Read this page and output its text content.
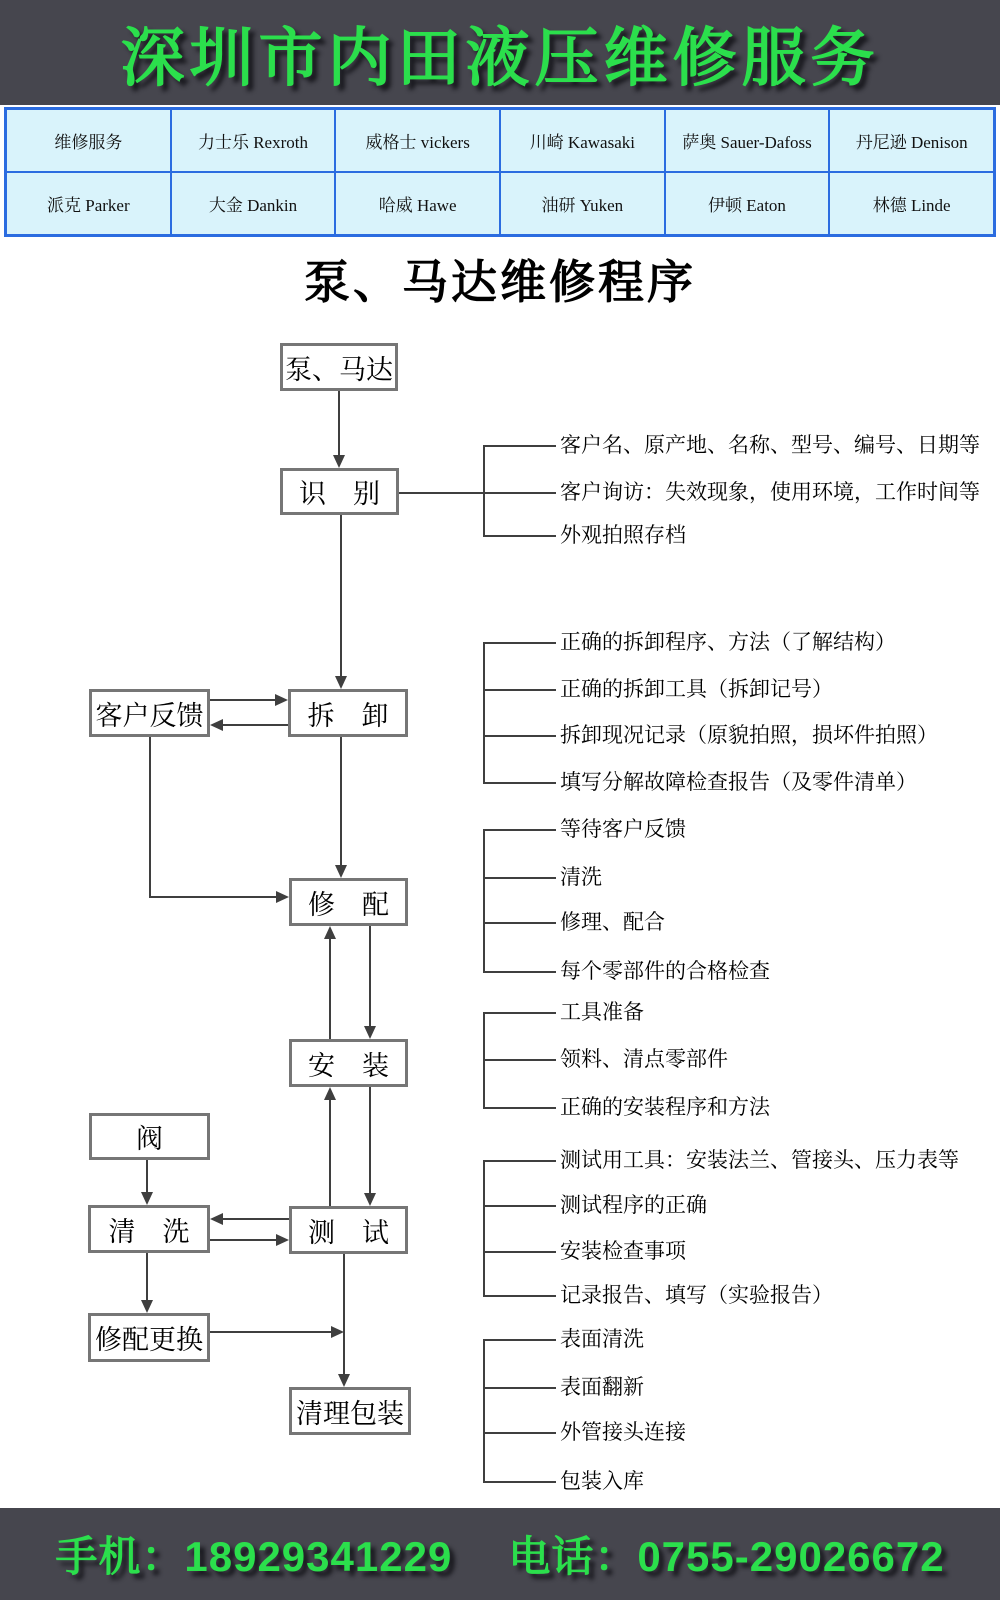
深圳市内田液压维修服务
维修服务	力士乐 Rexroth	威格士 vickers	川崎 Kawasaki	萨奥 Sauer-Dafoss	丹尼逊 Denison
派克 Parker	大金 Dankin	哈威 Hawe	油研 Yuken	伊顿 Eaton	林德 Linde
泵、马达维修程序
泵、马达
识　别
客户反馈	拆　卸
修　配
安　装
阀
清　洗	测　试
修配更换
清理包装
客户名、原产地、名称、型号、编号、日期等
客户询访：失效现象，使用环境，工作时间等
外观拍照存档
正确的拆卸程序、方法（了解结构）
正确的拆卸工具（拆卸记号）
拆卸现况记录（原貌拍照，损坏件拍照）
填写分解故障检查报告（及零件清单）
等待客户反馈
清洗
修理、配合
每个零部件的合格检查
工具准备
领料、清点零部件
正确的安装程序和方法
测试用工具：安装法兰、管接头、压力表等
测试程序的正确
安装检查事项
记录报告、填写（实验报告）
表面清洗
表面翻新
外管接头连接
包装入库
手机：18929341229 电话：0755-29026672
